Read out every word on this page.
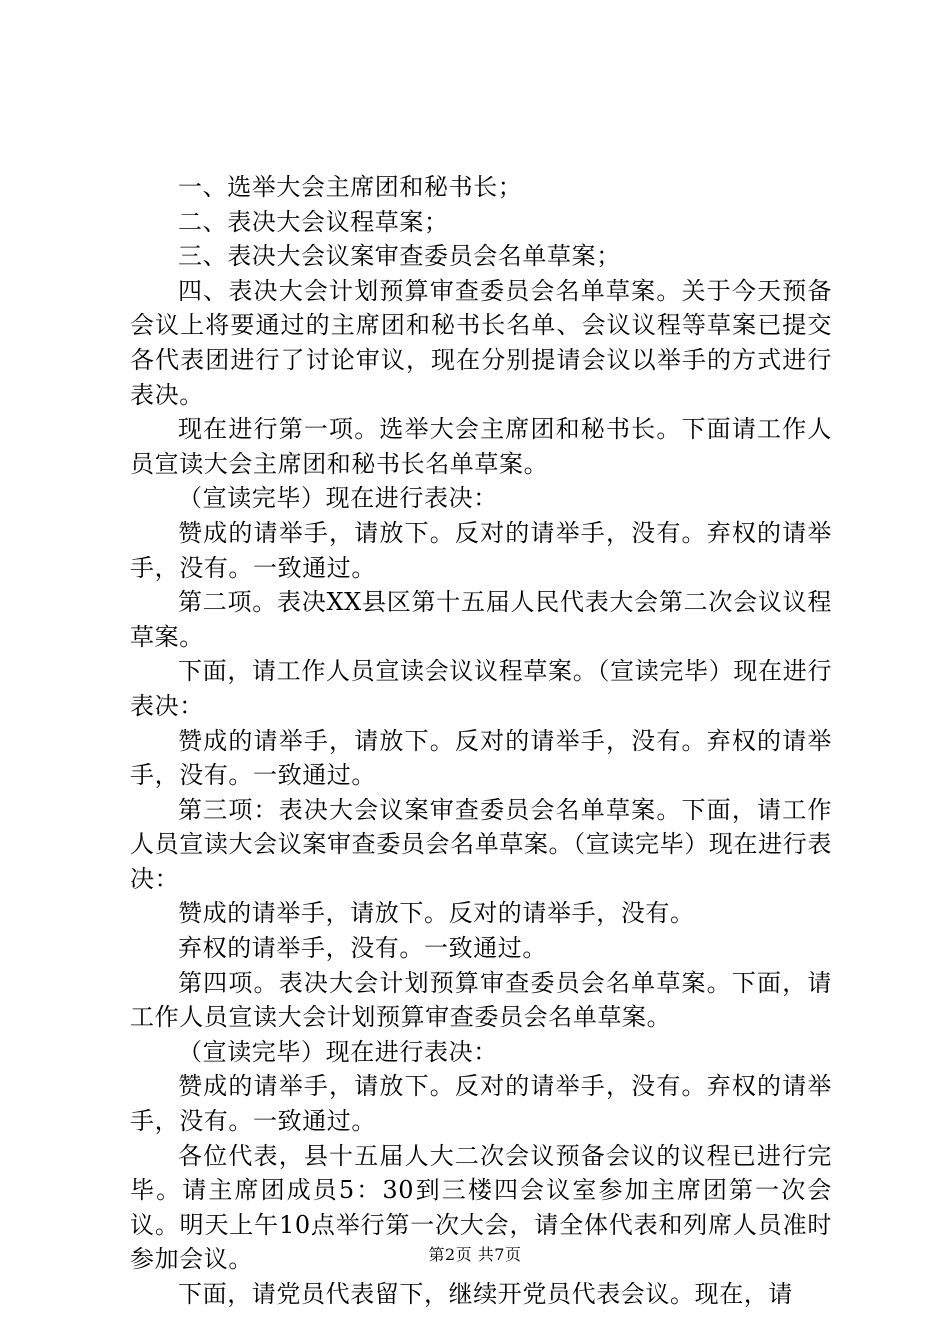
一、选举大会主席团和秘书长；

二、表决大会议程草案；

三、表决大会议案审查委员会名单草案；

四、表决大会计划预算审查委员会名单草案。关于今天预备会议上将要通过的主席团和秘书长名单、会议议程等草案已提交各代表团进行了讨论审议，现在分别提请会议以举手的方式进行表决。

现在进行第一项。选举大会主席团和秘书长。下面请工作人员宣读大会主席团和秘书长名单草案。

（宣读完毕）现在进行表决：

赞成的请举手，请放下。反对的请举手，没有。弃权的请举手，没有。一致通过。

第二项。表决XX县区第十五届人民代表大会第二次会议议程草案。

下面，请工作人员宣读会议议程草案。（宣读完毕）现在进行表决：

赞成的请举手，请放下。反对的请举手，没有。弃权的请举手，没有。一致通过。

第三项：表决大会议案审查委员会名单草案。下面，请工作人员宣读大会议案审查委员会名单草案。（宣读完毕）现在进行表决：

赞成的请举手，请放下。反对的请举手，没有。

弃权的请举手，没有。一致通过。

第四项。表决大会计划预算审查委员会名单草案。下面，请工作人员宣读大会计划预算审查委员会名单草案。

（宣读完毕）现在进行表决：

赞成的请举手，请放下。反对的请举手，没有。弃权的请举手，没有。一致通过。

各位代表，县十五届人大二次会议预备会议的议程已进行完毕。请主席团成员5：30到三楼四会议室参加主席团第一次会议。明天上午10点举行第一次大会，请全体代表和列席人员准时参加会议。

下面，请党员代表留下，继续开党员代表会议。现在，请

第2页 共7页
